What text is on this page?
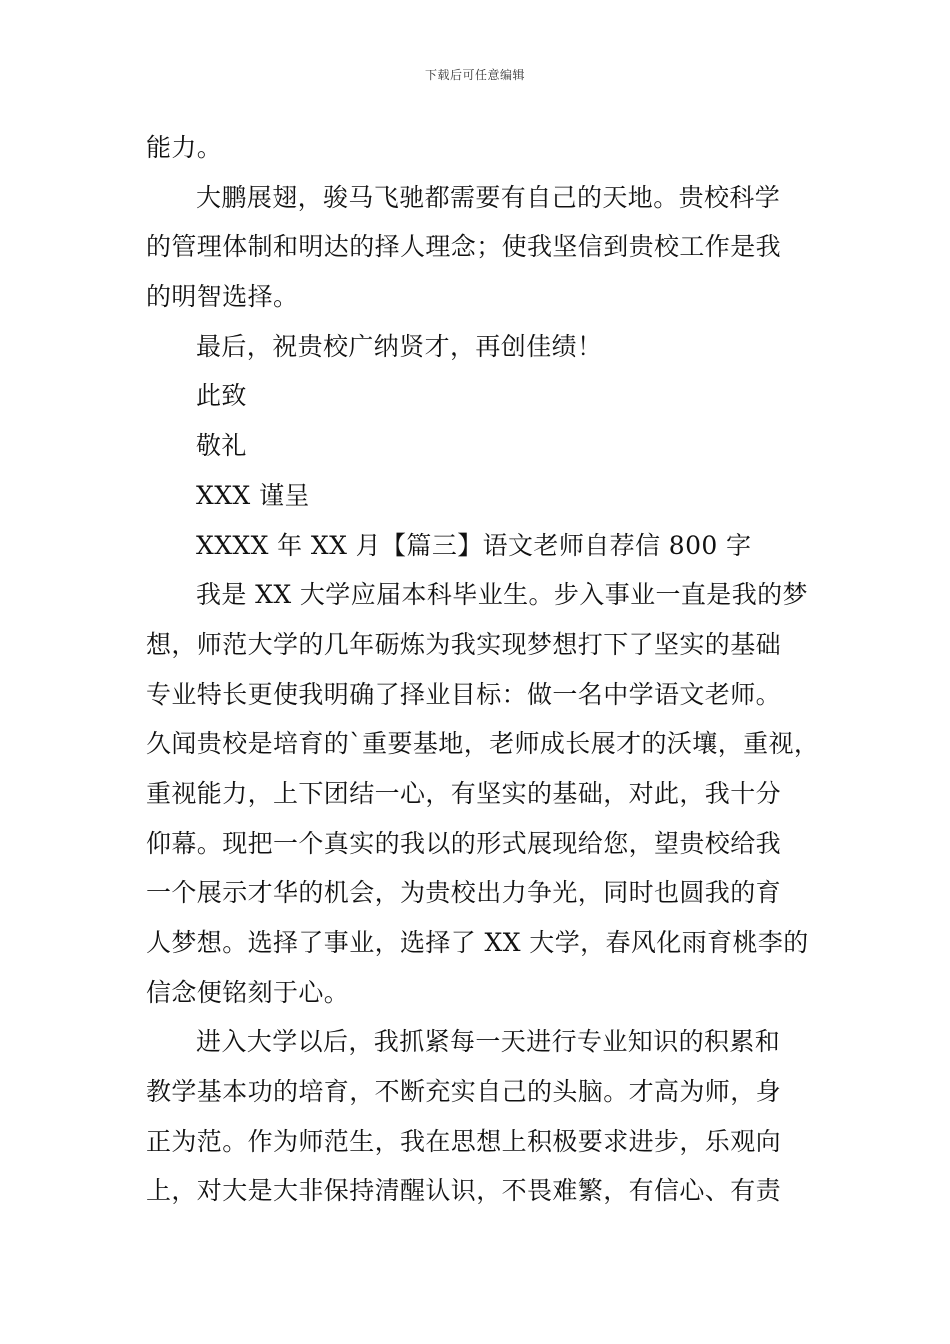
下载后可任意编辑
能力。
大鹏展翅，骏马飞驰都需要有自己的天地。贵校科学
的管理体制和明达的择人理念；使我坚信到贵校工作是我
的明智选择。
最后，祝贵校广纳贤才，再创佳绩！
此致
敬礼
XXX 谨呈
XXXX 年 XX 月【篇三】语文老师自荐信 800 字
我是 XX 大学应届本科毕业生。步入事业一直是我的梦
想，师范大学的几年砺炼为我实现梦想打下了坚实的基础
专业特长更使我明确了择业目标：做一名中学语文老师。
久闻贵校是培育的`重要基地，老师成长展才的沃壤，重视，
重视能力，上下团结一心，有坚实的基础，对此，我十分
仰幕。现把一个真实的我以的形式展现给您，望贵校给我
一个展示才华的机会，为贵校出力争光，同时也圆我的育
人梦想。选择了事业，选择了 XX 大学，春风化雨育桃李的
信念便铭刻于心。
进入大学以后，我抓紧每一天进行专业知识的积累和
教学基本功的培育，不断充实自己的头脑。才高为师，身
正为范。作为师范生，我在思想上积极要求进步，乐观向
上，对大是大非保持清醒认识，不畏难繁，有信心、有责
